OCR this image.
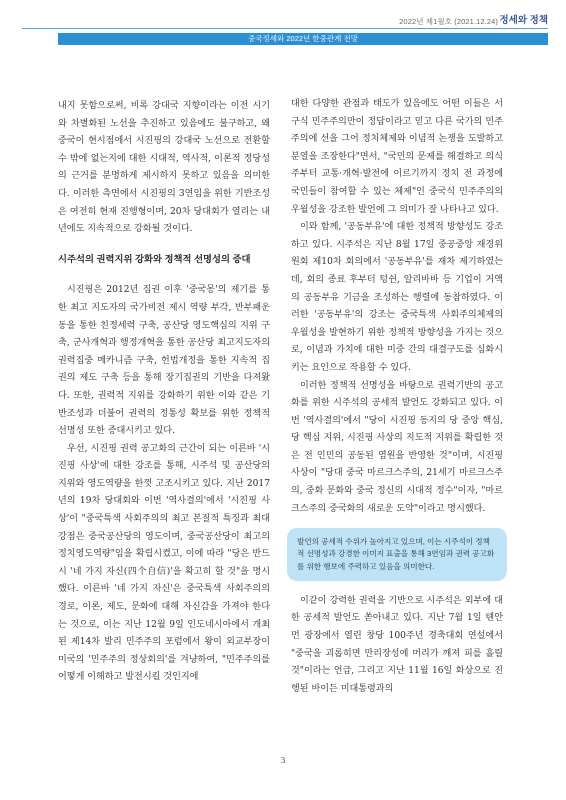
2022년 제1월호 (2021.12.24) 정세와 정책
중국정세와 2022년 한중관계 전망

내지 못함으로써, 비록 강대국 지향이라는 이전 시기와 차별화된 노선을 추진하고 있음에도 불구하고, 왜 중국이 현시점에서 시진핑의 강대국 노선으로 전환할 수 밖에 없는지에 대한 시대적, 역사적, 이론적 정당성의 근거를 분명하게 제시하지 못하고 있음을 의미한다. 이러한 측면에서 시진핑의 3연임을 위한 기반조성은 여전히 현재 진행형이며, 20차 당대회가 열리는 내년에도 지속적으로 강화될 것이다.

시주석의 권력지위 강화와 정책적 선명성의 증대

시진핑은 2012년 집권 이후 '중국몽'의 제기를 통한 최고 지도자의 국가비전 제시 역량 부각, 반부패운동을 통한 친정세력 구축, 공산당 영도핵심의 지위 구축, 군사개혁과 행정개혁을 통한 공산당 최고지도자의 권력집중 메카니즘 구축, 헌법개정을 통한 지속적 집권의 제도 구축 등을 통해 장기집권의 기반을 다져왔다. 또한, 권력적 지위를 강화하기 위한 이와 같은 기반조성과 더불어 권력의 정통성 확보를 위한 정책적 선명성 또한 증대시키고 있다.

우선, 시진핑 권력 공고화의 근간이 되는 이른바 '시진핑 사상'에 대한 강조를 통해, 시주석 및 공산당의 지위와 영도역량을 한껏 고조시키고 있다. 지난 2017년의 19차 당대회와 이번 '역사결의'에서 '시진핑 사상'이 "중국특색 사회주의의 최고 본질적 특징과 최대 강점은 중국공산당의 영도이며, 중국공산당이 최고의 정치영도역량"임을 확립시켰고, 이에 따라 "당은 반드시 '네 가지 자신(四个自信)'을 확고히 할 것"을 명시했다. 이른바 '네 가지 자신'은 중국특색 사회주의의 경로, 이론, 제도, 문화에 대해 자신감을 가져야 한다는 것으로, 이는 지난 12월 9일 인도네시아에서 개최된 제14차 발리 민주주의 포럼에서 왕이 외교부장이 미국의 '민주주의 정상회의'를 겨냥하여, "민주주의를 어떻게 이해하고 발전시킬 것인지에

대한 다양한 관점과 태도가 있음에도 어떤 이들은 서구식 민주주의만이 정답이라고 믿고 다른 국가의 민주주의에 선을 그어 정치체제와 이념적 논쟁을 도발하고 분열을 조장한다"면서, "국민의 문제를 해결하고 의식주부터 교통·개혁·발전에 이르기까지 정치 전 과정에 국민들이 참여할 수 있는 체제"인 중국식 민주주의의 우월성을 강조한 발언에 그 의미가 잘 나타나고 있다.

이와 함께, '공동부유'에 대한 정책적 방향성도 강조하고 있다. 시주석은 지난 8월 17일 중공중앙 재경위원회 제10차 회의에서 '공동부유'를 재차 제기하였는데, 회의 종료 후부터 텅쉰, 알리바바 등 기업이 거액의 공동부유 기금을 조성하는 행렬에 동참하였다. 이러한 '공동부유'의 강조는 중국특색 사회주의체제의 우월성을 발현하기 위한 정책적 방향성을 가지는 것으로, 이념과 가치에 대한 미중 간의 대결구도를 심화시키는 요인으로 작용할 수 있다.

이러한 정책적 선명성을 바탕으로 권력기반의 공고화를 위한 시주석의 공세적 발언도 강화되고 있다. 이번 '역사결의'에서 "당이 시진핑 동지의 당 중앙 핵심, 당 핵심 지위, 시진핑 사상의 지도적 지위를 확립한 것은 전 인민의 공동된 염원을 반영한 것"이며, 시진핑 사상이 "당대 중국 마르크스주의, 21세기 마르크스주의, 중화 문화와 중국 정신의 시대적 정수"이자, "마르크스주의 중국화의 새로운 도약"이라고 명시했다.

발언의 공세적 수위가 높아지고 있으며, 이는 시주석이 정책적 선명성과 강경한 이미지 표출을 통해 3연임과 권력 공고화를 위한 행보에 주력하고 있음을 의미한다.

이같이 강력한 권력을 기반으로 시주석은 외부에 대한 공세적 발언도 쏟아내고 있다. 지난 7월 1일 톈안먼 광장에서 열린 창당 100주년 경축대회 연설에서 "중국을 괴롭히면 만리장성에 머리가 깨져 피를 흘릴 것"이라는 언급, 그리고 지난 11월 16일 화상으로 진행된 바이든 미대통령과의

3
